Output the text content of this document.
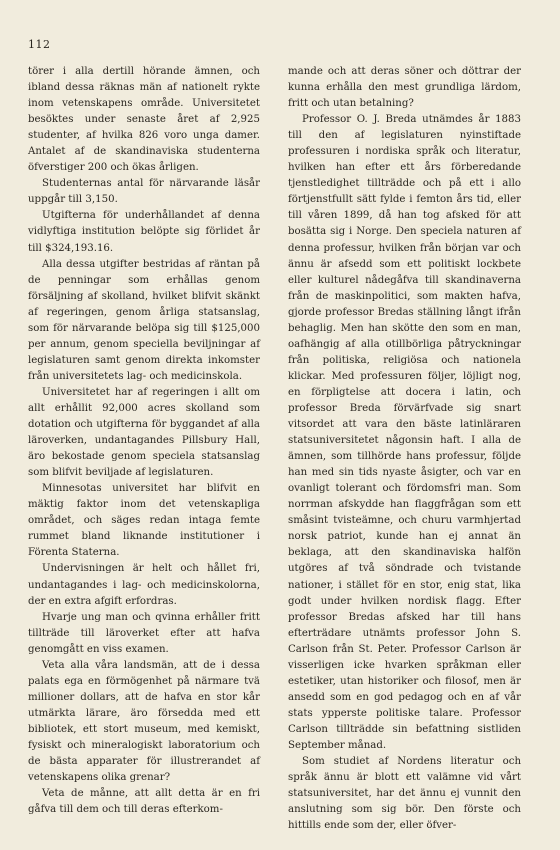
112

törer i alla dertill hörande ämnen, och ibland dessa räknas män af nationelt rykte inom vetenskapens område. Universitetet besöktes under senaste året af 2,925 studenter, af hvilka 826 voro unga damer. Antalet af de skandinaviska studenterna öfverstiger 200 och ökas årligen.

Studenternas antal för närvarande läsår uppgår till 3,150.

Utgifterna för underhållandet af denna vidlyftiga institution belöpte sig förlidet år till $324,193.16.

Alla dessa utgifter bestridas af räntan på de penningar som erhållas genom försäljning af skolland, hvilket blifvit skänkt af regeringen, genom årliga statsanslag, som för närvarande belöpa sig till $125,000 per annum, genom speciella beviljningar af legislaturen samt genom direkta inkomster från universitetets lag- och medicinskola.

Universitetet har af regeringen i allt om allt erhållit 92,000 acres skolland som dotation och utgifterna för byggandet af alla läroverken, undantagandes Pillsbury Hall, äro bekostade genom speciela statsanslag som blifvit beviljade af legislaturen.

Minnesotas universitet har blifvit en mäktig faktor inom det vetenskapliga området, och säges redan intaga femte rummet bland liknande institutioner i Förenta Staterna.

Undervisningen är helt och hållet fri, undantagandes i lag- och medicinskolorna, der en extra afgift erfordras.

Hvarje ung man och qvinna erhåller fritt tillträde till läroverket efter att hafva genomgått en viss examen.

Veta alla våra landsmän, att de i dessa palats ega en förmögenhet på närmare tvä millioner dollars, att de hafva en stor kår utmärkta lärare, äro försedda med ett bibliotek, ett stort museum, med kemiskt, fysiskt och mineralogiskt laboratorium och de bästa apparater för illustrerandet af vetenskapens olika grenar?

Veta de månne, att allt detta är en fri gåfva till dem och till deras efterkom-

mande och att deras söner och döttrar der kunna erhålla den mest grundliga lärdom, fritt och utan betalning?

Professor O. J. Breda utnämdes år 1883 till den af legislaturen nyinstiftade professuren i nordiska språk och literatur, hvilken han efter ett års förberedande tjenstledighet tillträdde och på ett i allo förtjenstfullt sätt fylde i femton års tid, eller till våren 1899, då han tog afsked för att bosätta sig i Norge. Den speciela naturen af denna professur, hvilken från början var och ännu är afsedd som ett politiskt lockbete eller kulturel nådegåfva till skandinaverna från de maskinpolitici, som makten hafva, gjorde professor Bredas ställning långt ifrån behaglig. Men han skötte den som en man, oafhängig af alla otillbörliga påtryckningar från politiska, religiösa och nationela klickar. Med professuren följer, löjligt nog, en förpligtelse att docera i latin, och professor Breda förvärfvade sig snart vitsordet att vara den bäste latinläraren statsuniversitetet någonsin haft. I alla de ämnen, som tillhörde hans professur, följde han med sin tids nyaste åsigter, och var en ovanligt tolerant och fördomsfri man. Som norrman afskydde han flaggfrågan som ett småsint tvisteämne, och churu varmhjertad norsk patriot, kunde han ej annat än beklaga, att den skandinaviska halfön utgöres af två söndrade och tvistande nationer, i stället för en stor, enig stat, lika godt under hvilken nordisk flagg. Efter professor Bredas afsked har till hans efterträdare utnämts professor John S. Carlson från St. Peter. Professor Carlson är visserligen icke hvarken språkman eller estetiker, utan historiker och filosof, men är ansedd som en god pedagog och en af vår stats ypperste politiske talare. Professor Carlson tillträdde sin befattning sistliden September månad.

Som studiet af Nordens literatur och språk ännu är blott ett valämne vid vårt statsuniversitet, har det ännu ej vunnit den anslutning som sig bör. Den förste och hittills ende som der, eller öfver-
